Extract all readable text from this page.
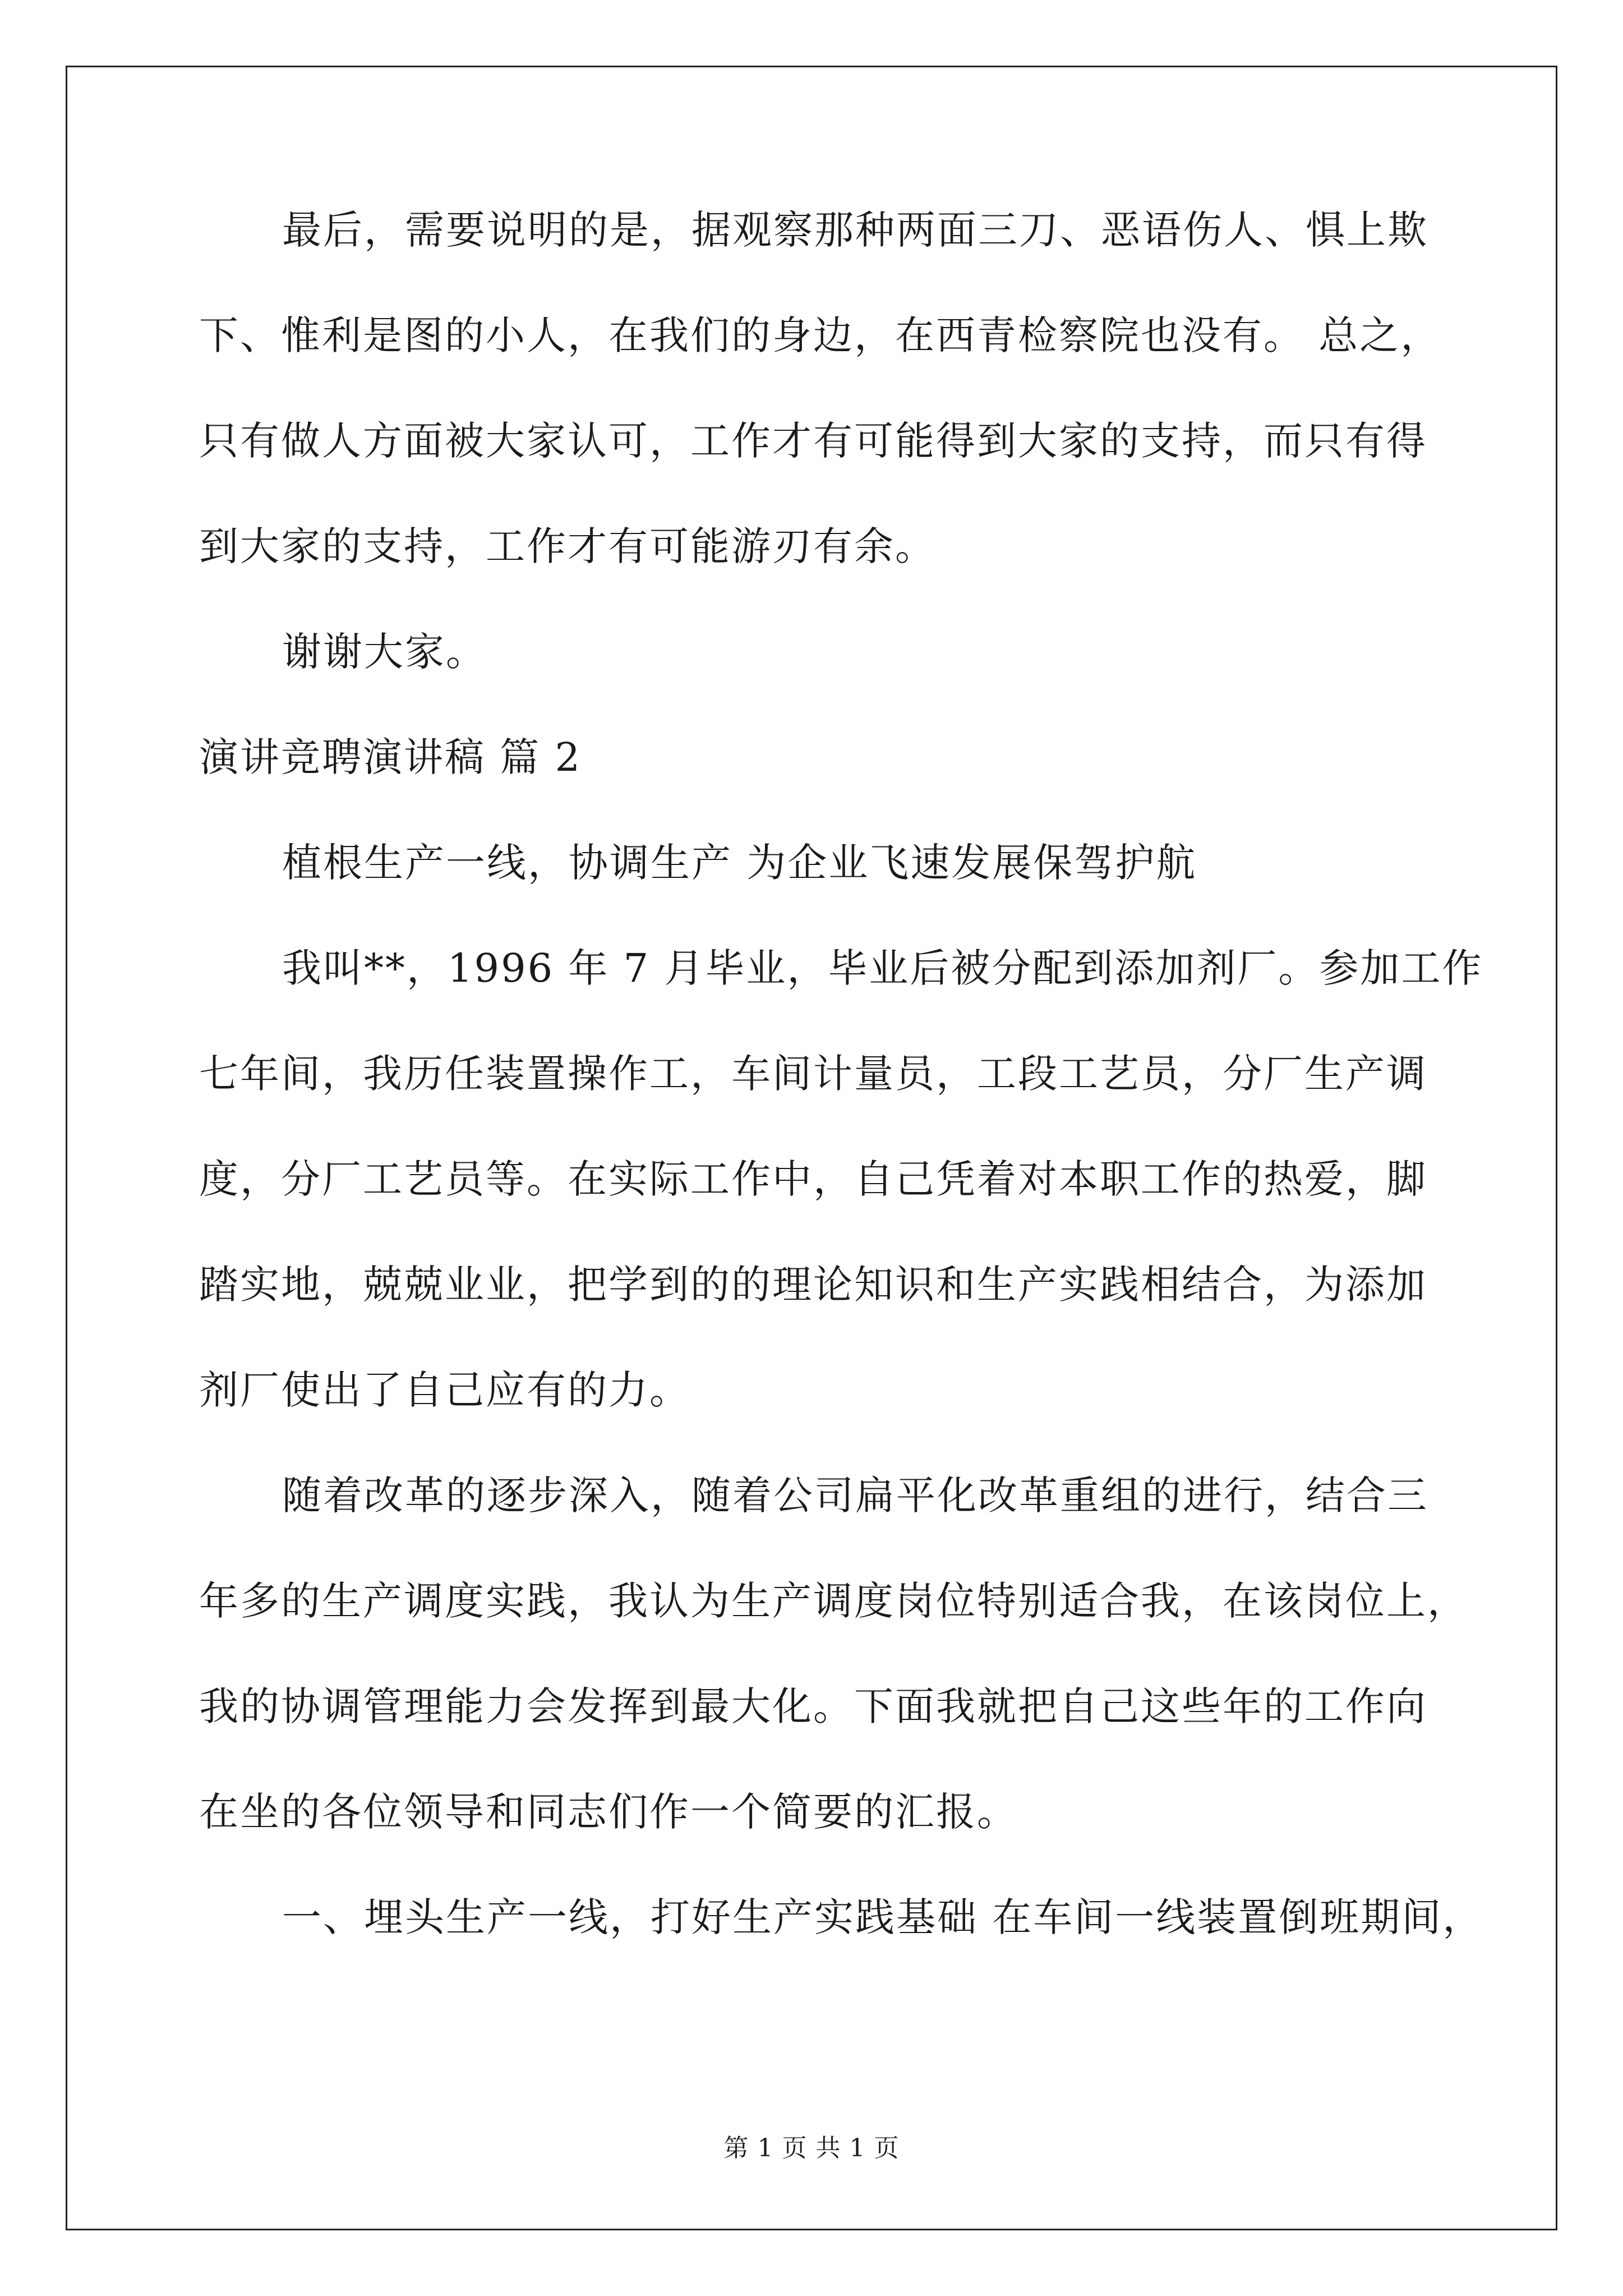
最后，需要说明的是，据观察那种两面三刀、恶语伤人、惧上欺
下、惟利是图的小人，在我们的身边，在西青检察院也没有。 总之，
只有做人方面被大家认可，工作才有可能得到大家的支持，而只有得
到大家的支持，工作才有可能游刃有余。
谢谢大家。
演讲竞聘演讲稿 篇 2
植根生产一线，协调生产 为企业飞速发展保驾护航
我叫**，1996 年 7 月毕业，毕业后被分配到添加剂厂。参加工作
七年间，我历任装置操作工，车间计量员，工段工艺员，分厂生产调
度，分厂工艺员等。在实际工作中，自己凭着对本职工作的热爱，脚
踏实地，兢兢业业，把学到的的理论知识和生产实践相结合，为添加
剂厂使出了自己应有的力。
随着改革的逐步深入，随着公司扁平化改革重组的进行，结合三
年多的生产调度实践，我认为生产调度岗位特别适合我，在该岗位上，
我的协调管理能力会发挥到最大化。下面我就把自己这些年的工作向
在坐的各位领导和同志们作一个简要的汇报。
一、埋头生产一线，打好生产实践基础 在车间一线装置倒班期间，
第 1 页 共 1 页
